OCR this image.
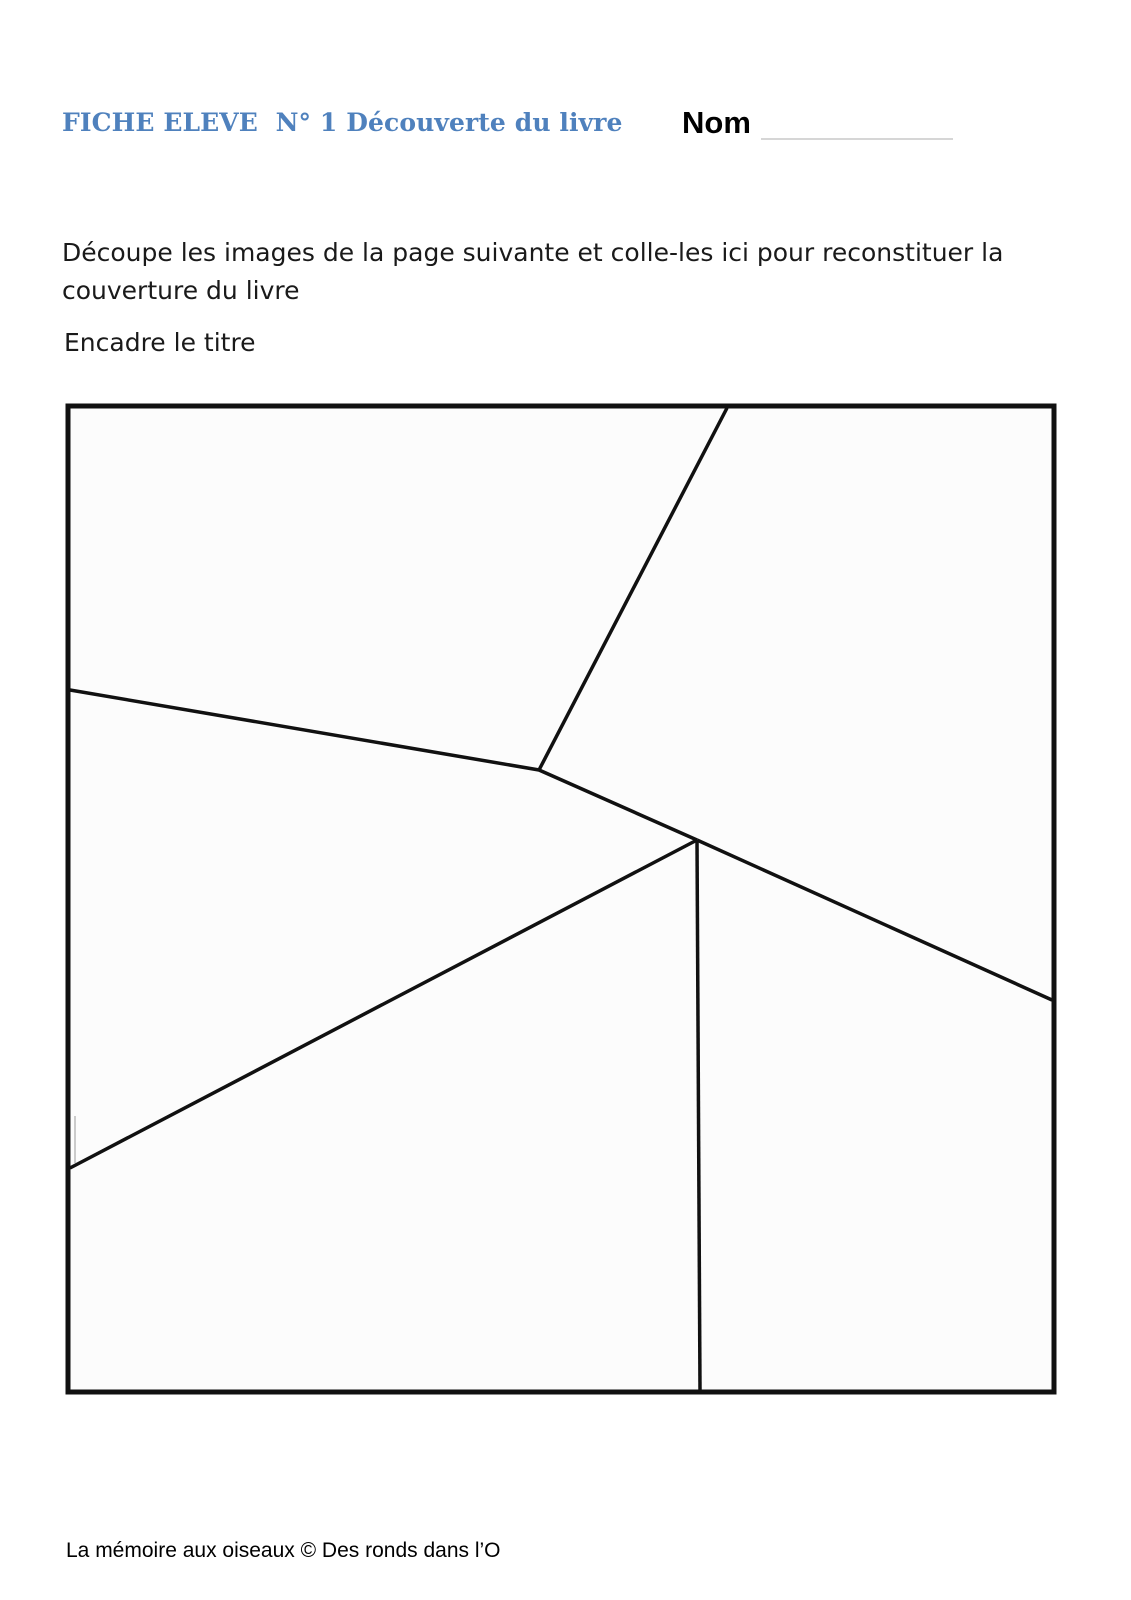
FICHE ELEVE  N° 1 Découverte du livre Nom
Découpe les images de la page suivante et colle-les ici pour reconstituer la couverture du livre
Encadre le titre
La mémoire aux oiseaux © Des ronds dans l’O
